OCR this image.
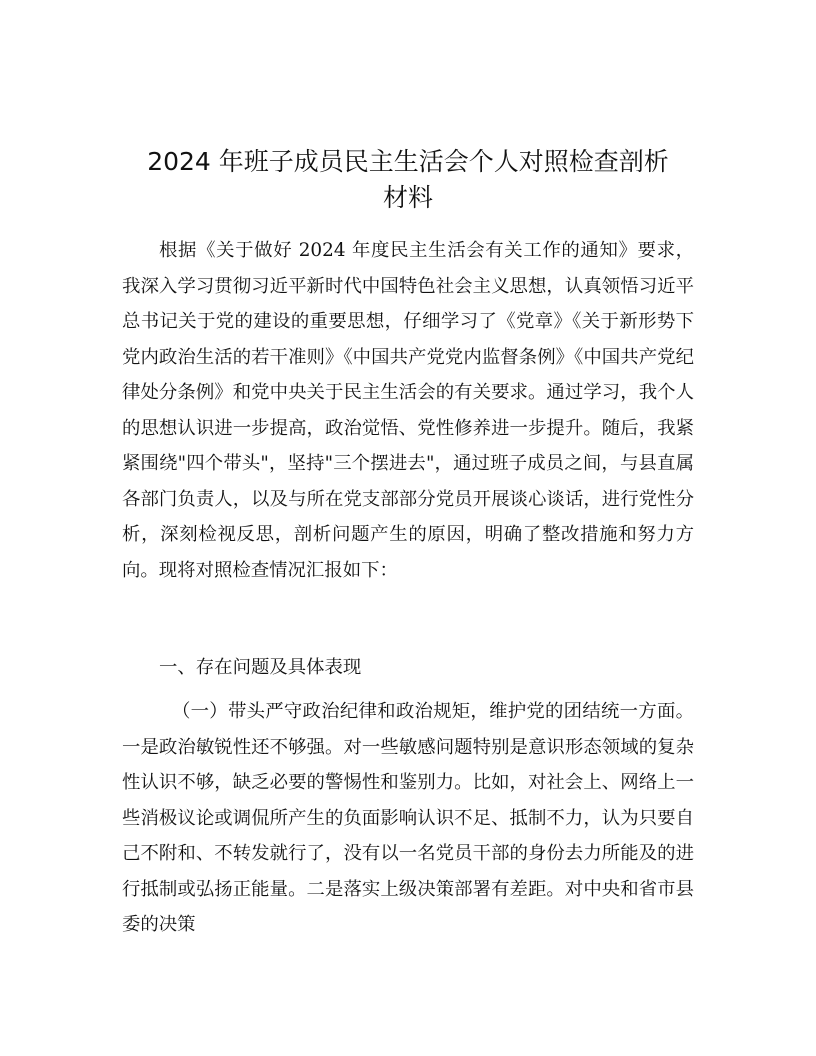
2024 年班子成员民主生活会个人对照检查剖析
材料

根据《关于做好 2024 年度民主生活会有关工作的通知》要求，我深入学习贯彻习近平新时代中国特色社会主义思想，认真领悟习近平总书记关于党的建设的重要思想，仔细学习了《党章》《关于新形势下党内政治生活的若干准则》《中国共产党党内监督条例》《中国共产党纪律处分条例》和党中央关于民主生活会的有关要求。通过学习，我个人的思想认识进一步提高，政治觉悟、党性修养进一步提升。随后，我紧紧围绕"四个带头"，坚持"三个摆进去"，通过班子成员之间，与县直属各部门负责人，以及与所在党支部部分党员开展谈心谈话，进行党性分析，深刻检视反思，剖析问题产生的原因，明确了整改措施和努力方向。现将对照检查情况汇报如下：

一、存在问题及具体表现

（一）带头严守政治纪律和政治规矩，维护党的团结统一方面。一是政治敏锐性还不够强。对一些敏感问题特别是意识形态领域的复杂性认识不够，缺乏必要的警惕性和鉴别力。比如，对社会上、网络上一些消极议论或调侃所产生的负面影响认识不足、抵制不力，认为只要自己不附和、不转发就行了，没有以一名党员干部的身份去力所能及的进行抵制或弘扬正能量。二是落实上级决策部署有差距。对中央和省市县委的决策
